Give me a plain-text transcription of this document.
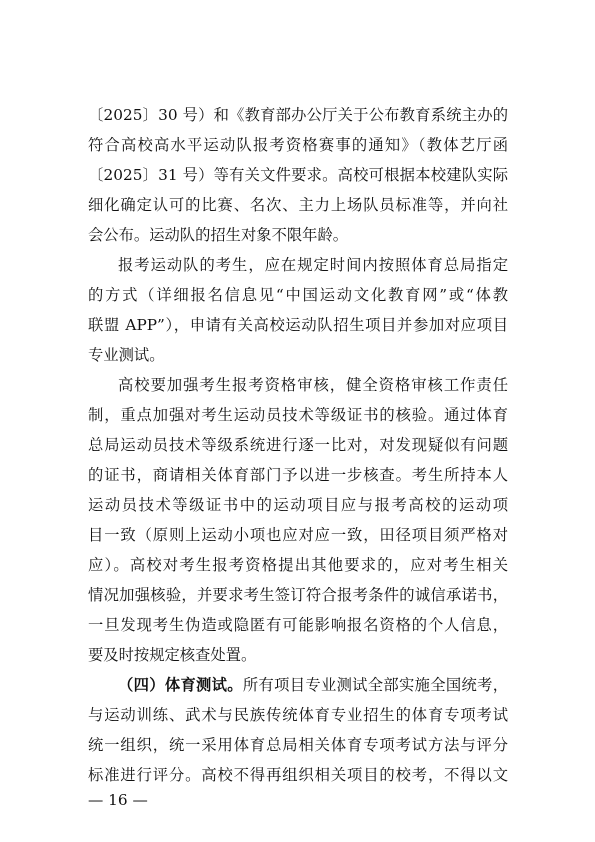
〔2025〕30 号）和《教育部办公厅关于公布教育系统主办的
符合高校高水平运动队报考资格赛事的通知》（教体艺厅函
〔2025〕31 号）等有关文件要求。高校可根据本校建队实际
细化确定认可的比赛、名次、主力上场队员标准等，并向社
会公布。运动队的招生对象不限年龄。
报考运动队的考生，应在规定时间内按照体育总局指定
的方式（详细报名信息见“中国运动文化教育网”或“体教
联盟 APP”），申请有关高校运动队招生项目并参加对应项目
专业测试。
高校要加强考生报考资格审核，健全资格审核工作责任
制，重点加强对考生运动员技术等级证书的核验。通过体育
总局运动员技术等级系统进行逐一比对，对发现疑似有问题
的证书，商请相关体育部门予以进一步核查。考生所持本人
运动员技术等级证书中的运动项目应与报考高校的运动项
目一致（原则上运动小项也应对应一致，田径项目须严格对
应）。高校对考生报考资格提出其他要求的，应对考生相关
情况加强核验，并要求考生签订符合报考条件的诚信承诺书，
一旦发现考生伪造或隐匿有可能影响报名资格的个人信息，
要及时按规定核查处置。
（四）体育测试。所有项目专业测试全部实施全国统考，
与运动训练、武术与民族传统体育专业招生的体育专项考试
统一组织，统一采用体育总局相关体育专项考试方法与评分
标准进行评分。高校不得再组织相关项目的校考，不得以文
— 16 —
